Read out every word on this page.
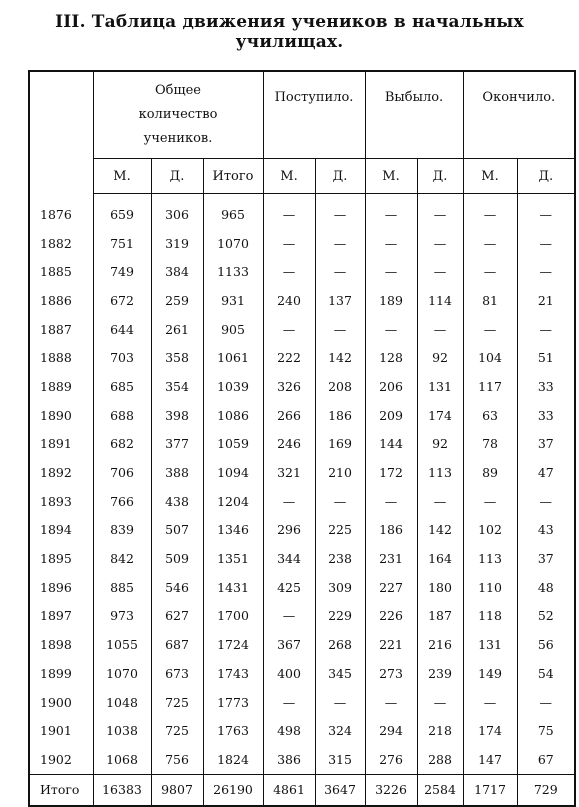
III. Таблица движения учеников в начальных училищах.
	Общее количество учеников.			Поступило.		Выбыло.		Окончило.	
	М.	Д.	Итого	М.	Д.	М.	Д.	М.	Д.
1876	659	306	965	—	—	—	—	—	—
1882	751	319	1070	—	—	—	—	—	—
1885	749	384	1133	—	—	—	—	—	—
1886	672	259	931	240	137	189	114	81	21
1887	644	261	905	—	—	—	—	—	—
1888	703	358	1061	222	142	128	92	104	51
1889	685	354	1039	326	208	206	131	117	33
1890	688	398	1086	266	186	209	174	63	33
1891	682	377	1059	246	169	144	92	78	37
1892	706	388	1094	321	210	172	113	89	47
1893	766	438	1204	—	—	—	—	—	—
1894	839	507	1346	296	225	186	142	102	43
1895	842	509	1351	344	238	231	164	113	37
1896	885	546	1431	425	309	227	180	110	48
1897	973	627	1700	—	229	226	187	118	52
1898	1055	687	1724	367	268	221	216	131	56
1899	1070	673	1743	400	345	273	239	149	54
1900	1048	725	1773	—	—	—	—	—	—
1901	1038	725	1763	498	324	294	218	174	75
1902	1068	756	1824	386	315	276	288	147	67
Итого	16383	9807	26190	4861	3647	3226	2584	1717	729
